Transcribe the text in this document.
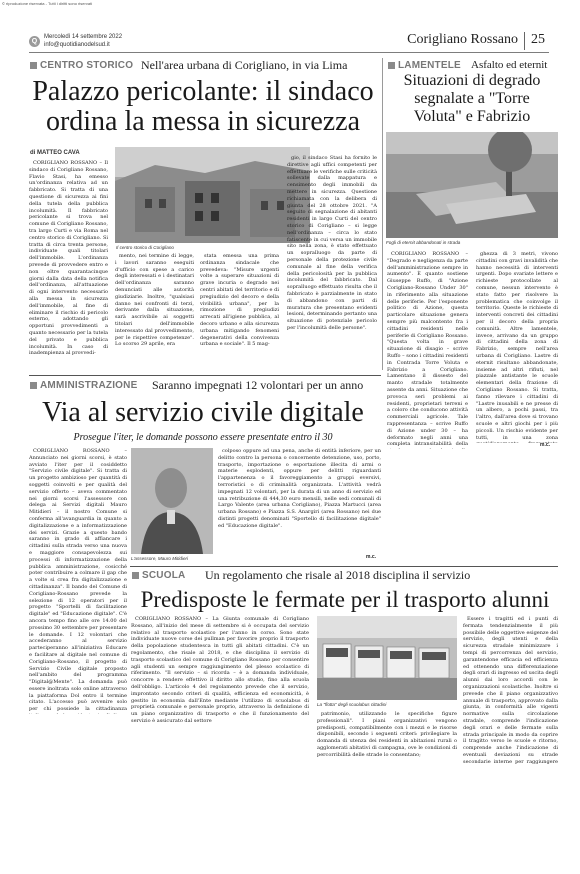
© riproduzione riservata - Tutti i diritti sono riservati
Q
Mercoledì 14 settembre 2022
info@quotidianodelsud.it	Corigliano Rossano 25
CENTRO STORICO Nell'area urbana di Corigliano, in via Lima
Palazzo pericolante: il sindaco
ordina la messa in sicurezza
di MATTEO CAVA

CORIGLIANO ROSSANO – Il sindaco di Corigliano Rossano, Flavio Stasi, ha emesso un'ordinanza relativa ad un fabbricato. Si tratta di una questione di sicurezza ai fini della tutela della pubblica incolumità. Il fabbricato pericolante si trova nel comune di Corigliano Rossano, tra largo Curti e via Roma nel centro storico di Corigliano. Si tratta di circa trenta persone, individuate quali titolari dell'immobile. L'ordinanza prevede di provvedere entro e non oltre quarantacinque giorni dalla data della notifica dell'ordinanza, all'attuazione di ogni intervento necessario alla messa in sicurezza dell'immobile, al fine di eliminare il rischio di pericolo esterno, adottando gli opportuni provvedimenti a quanto necessario per la tutela del privato e pubblica incolumità. In caso di inadempienza al provvedi-

Il centro storico di Corigliano

mento, nei termine di legge, i lavori saranno eseguiti d'ufficio con spese a carico degli interessati e i destinatari dell'ordinanza saranno denunciati alle autorità giudiziarie. Inoltre, "qualsiasi danno nei confronti di terzi, derivante dalla situazione, sarà ascrivibile ai soggetti titolari dell'immobile interessato dal provvedimento, per le rispettive competenze". Lo scorso 29 aprile, era

stata emessa una prima ordinanza sindacale che prevedeva: "Misure urgenti volte a superare situazioni di grave incuria o degrado nei centri abitati del territorio e di pregiudizio del decoro e della vivibilità urbana", per la rimozione di pregiudizi arrecati all'igiene pubblica, al decoro urbano e alla sicurezza urbana mitigando fenomeni degenerativi della convivenza urbana e sociale". Il 5 mag-

gio, il sindaco Stasi ha fornito le direttive agli uffici competenti per effettuare le verifiche sulle criticità sollevate dalla mappatura e censimento degli immobili da mettere in sicurezza. Questione richiamata con la delibera di giunta del 28 ottobre 2021. "A seguito di segnalazione di abitanti residenti in largo Curti del centro storico di Corigliano – si legge nell'ordinanza – circa lo stato fatiscente in cui versa un immobile sito nella zona, è stato effettuato un sopralluogo da parte di personale della protezione civile comunale al fine della verifica della pericolosità per la pubblica incolumità del fabbricato. Dal sopralluogo effettuato risulta che il fabbricato è parzialmente in stato di abbandono con parti di muratura che presentano evidenti lesioni, determinando pertanto una situazione di potenziale pericolo per l'incolumità delle persone".

LAMENTELE Asfalto ed eternit
Situazioni di degrado
segnalate a "Torre
Voluta" e Fabrizio
Fogli di eternit abbandonati in strada

CORIGLIANO ROSSANO – "Degrado e negligenza da parte dell'amministrazione sempre in aumento". È quanto sostiene Giuseppe Ruffo, di "Azione Corigliano-Rossano Under 30" in riferimento alla situazione delle periferie. Per l'esponente politico di Azione, questa particolare situazione genera sempre più malcontento fra i cittadini residenti nelle periferie di Corigliano Rossano. "Questa volta in grave situazione di disagio – scrive Ruffo – sono i cittadini residenti in Contrada Torre Voluta e Fabrizio a Corigliano. Lamentano il dissesto del manto stradale totalmente assente da anni. Situazione che provoca seri problemi ai residenti, proprietari terreni e a coloro che conducono attività commerciali agricole. Tale rappresentanza – scrive Ruffo di Azione under 30 – ha deformato negli anni una completa intransitabilità della

ghezza di 3 metri, vivono cittadini con gravi invalidità che hanno necessità di interventi urgenti. Dopo svariate lettere e richieste protocollate al comune, nessun intervento è stato fatto per risolvere la problematica che coinvolge il territorio. Queste le richieste di interventi concreti dei cittadini per il decoro della propria comunità. Altre lamentele, invece, arrivano da un gruppo di cittadini della zona di Fabrizio, sempre nell'area urbana di Corigliano. Lastre di eternit risultano abbandonate, insieme ad altri rifiuti, nel piazzale antistante le scuole elementari della frazione di Corigliano Rossano. Si tratta, fanno rilevare i cittadini di "Lastre inusabili e ne presse di un albero, a pochi passi, tra l'altro, dall'area dove si trovano scuole e altri giochi per i più piccoli. Un rischio evidente per tutti, in una zona

m.c.
AMMINISTRAZIONE Saranno impegnati 12 volontari per un anno
Via al servizio civile digitale
Prosegue l'iter, le domande possono essere presentate entro il 30

CORIGLIANO ROSSANO – Annunciato nei giorni scorsi, è stato avviato l'iter per il cosiddetto "Servizio civile digitale". Si tratta di un progetto ambizioso per quantità di soggetti coinvolti e per qualità del servizio offerto – aveva commentato nei giorni scorsi l'assessore con delega ai Servizi digitali Mauro Mitidieri – il nostro Comune si conferma all'avanguardia in quanto a digitalizzazione e a informatizzazione dei servizi. Grazie a questo bando saranno in grado di affiancare i cittadini sulla strada verso una nuova e maggiore consapevolezza sui processi di informatizzazione della pubblica amministrazione, cosicché poter contribuire a colmare il gap che a volte si crea fra digitalizzazione e cittadinanza". Il bando del Comune di Corigliano-Rossano prevede la selezione di 12 operatori per il progetto "Sportelli di facilitazione digitale" ed "Educazione digitale". C'è ancora tempo fino alle ore 14.00 del prossimo 30 settembre per presentare le domande. I 12 volontari che accederanno al servizio parteciperanno all'iniziativa Educare e facilitare al digitale nel comune di Corigliano-Rossano, il progetto di Servizio Civile digitale proposto nell'ambito del programma "Digital@Mente". La domanda può essere inoltrata solo online attraverso la piattaforma Dol entro il termine citato. L'accesso può avvenire solo per chi possiede la cittadinanza

L'assessore, Mauro Mitidieri

colposo oppure ad una pena, anche di entità inferiore, per un delitto contro la persona o concernente detenzione, uso, porto, trasporto, importazione o esportazione illecita di armi o materie esplodenti, oppure per delitti riguardanti l'appartenenza o il favoreggiamento a gruppi eversivi, terroristici o di criminalità organizzata. L'attività vedrà impegnati 12 volontari, per la durata di un anno di servizio ed una retribuzione di 444,30 euro mensili, nelle sedi comunali di Largo Valente (area urbana Corigliano), Piazza Martucci (area urbana Rossano) e Piazza S.S. Anargiri (area Rossano) nei due distinti progetti denominati "Sportello di facilitazione digitale" ed "Educazione digitale".

m.c.
SCUOLA Un regolamento che risale al 2018 disciplina il servizio
Predisposte le fermate per il trasporto alunni

CORIGLIANO ROSSANO – La Giunta comunale di Corigliano Rossano, all'inizio del mese di settembre si è occupata del servizio relativo al trasporto scolastico per l'anno in corso. Sono state individuate nuove corse dei pullman per favorire proprio il trasporto della popolazione studentesca in tutti gli abitati cittadini. C'è un regolamento, che risale al 2018, e che disciplina il servizio di trasporto scolastico del comune di Corigliano Rossano per consentire agli studenti un sempre raggiungimento del plesso scolastico di riferimento. "Il servizio – si ricorda – è a domanda individuale, concorre a rendere effettivo il diritto allo studio, fino alla scuola dell'obbligo. L'articolo 4 del regolamento prevede che il servizio, improntato secondo criteri di qualità, efficienza ed economicità, è gestito in economia dall'Ente mediante l'utilizzo di scuolabus di proprietà comunale e personale proprio, attraverso la definizione di un piano organizzativo di trasporto e che il funzionamento del servizio è assicurato dal settore

La "flotta" degli scuolabus cittadini

patrimonio, utilizzando le specifiche figure professionali". I piani organizzativi vengono predisposti, compatibilmente con i mezzi e le risorse disponibili, secondo i seguenti criteri: privilegiare la domanda di utenza dei residenti in abitazioni rurali o agglomerati abitativi di campagna, ove le condizioni di percorribilità delle strade lo consentano;

Essere i tragitti ed i punti di fermata tendenzialmente il più possibile delle oggettive esigenze del servizio, degli utenti e della sicurezza stradale minimizzare i tempi di percorrenza del servizio, garantendone efficacia ed efficienza ed ottenendo una differenziazione degli orari di ingresso ed uscita degli alunni dai loro accordi con le organizzazioni scolastiche. Inoltre si prevede che il piano organizzativo annuale di trasporto, approvato dalla giunta, in conformità alle vigenti normative sulla circolazione stradale, comprende l'indicazione degli orari e delle fermate sulla strada principale in modo da coprire il tragitto verso le scuole e ritorno, comprende anche l'indicazione di eventuali deviazioni su strade secondarie interne per raggiungere
